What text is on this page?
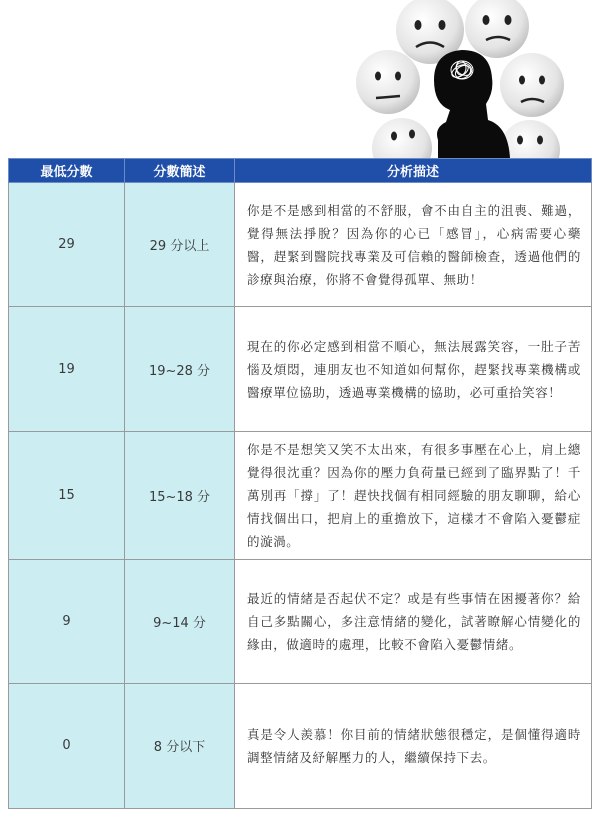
最低分數	分數簡述	分析描述
29	29 分以上	你是不是感到相當的不舒服，會不由自主的沮喪、難過，覺得無法掙脫？因為你的心已「感冒」，心病需要心藥醫，趕緊到醫院找專業及可信賴的醫師檢查，透過他們的診療與治療，你將不會覺得孤單、無助！
19	19~28 分	現在的你必定感到相當不順心，無法展露笑容，一肚子苦惱及煩悶，連朋友也不知道如何幫你，趕緊找專業機構或醫療單位協助，透過專業機構的協助，必可重拾笑容！
15	15~18 分	你是不是想笑又笑不太出來，有很多事壓在心上，肩上總覺得很沈重？因為你的壓力負荷量已經到了臨界點了！千萬別再「撐」了！趕快找個有相同經驗的朋友聊聊，給心情找個出口，把肩上的重擔放下，這樣才不會陷入憂鬱症的漩渦。
9	9~14 分	最近的情緒是否起伏不定？或是有些事情在困擾著你？給自己多點關心，多注意情緒的變化，試著瞭解心情變化的緣由，做適時的處理，比較不會陷入憂鬱情緒。
0	8 分以下	真是令人羨慕！你目前的情緒狀態很穩定，是個懂得適時調整情緒及紓解壓力的人，繼續保持下去。
